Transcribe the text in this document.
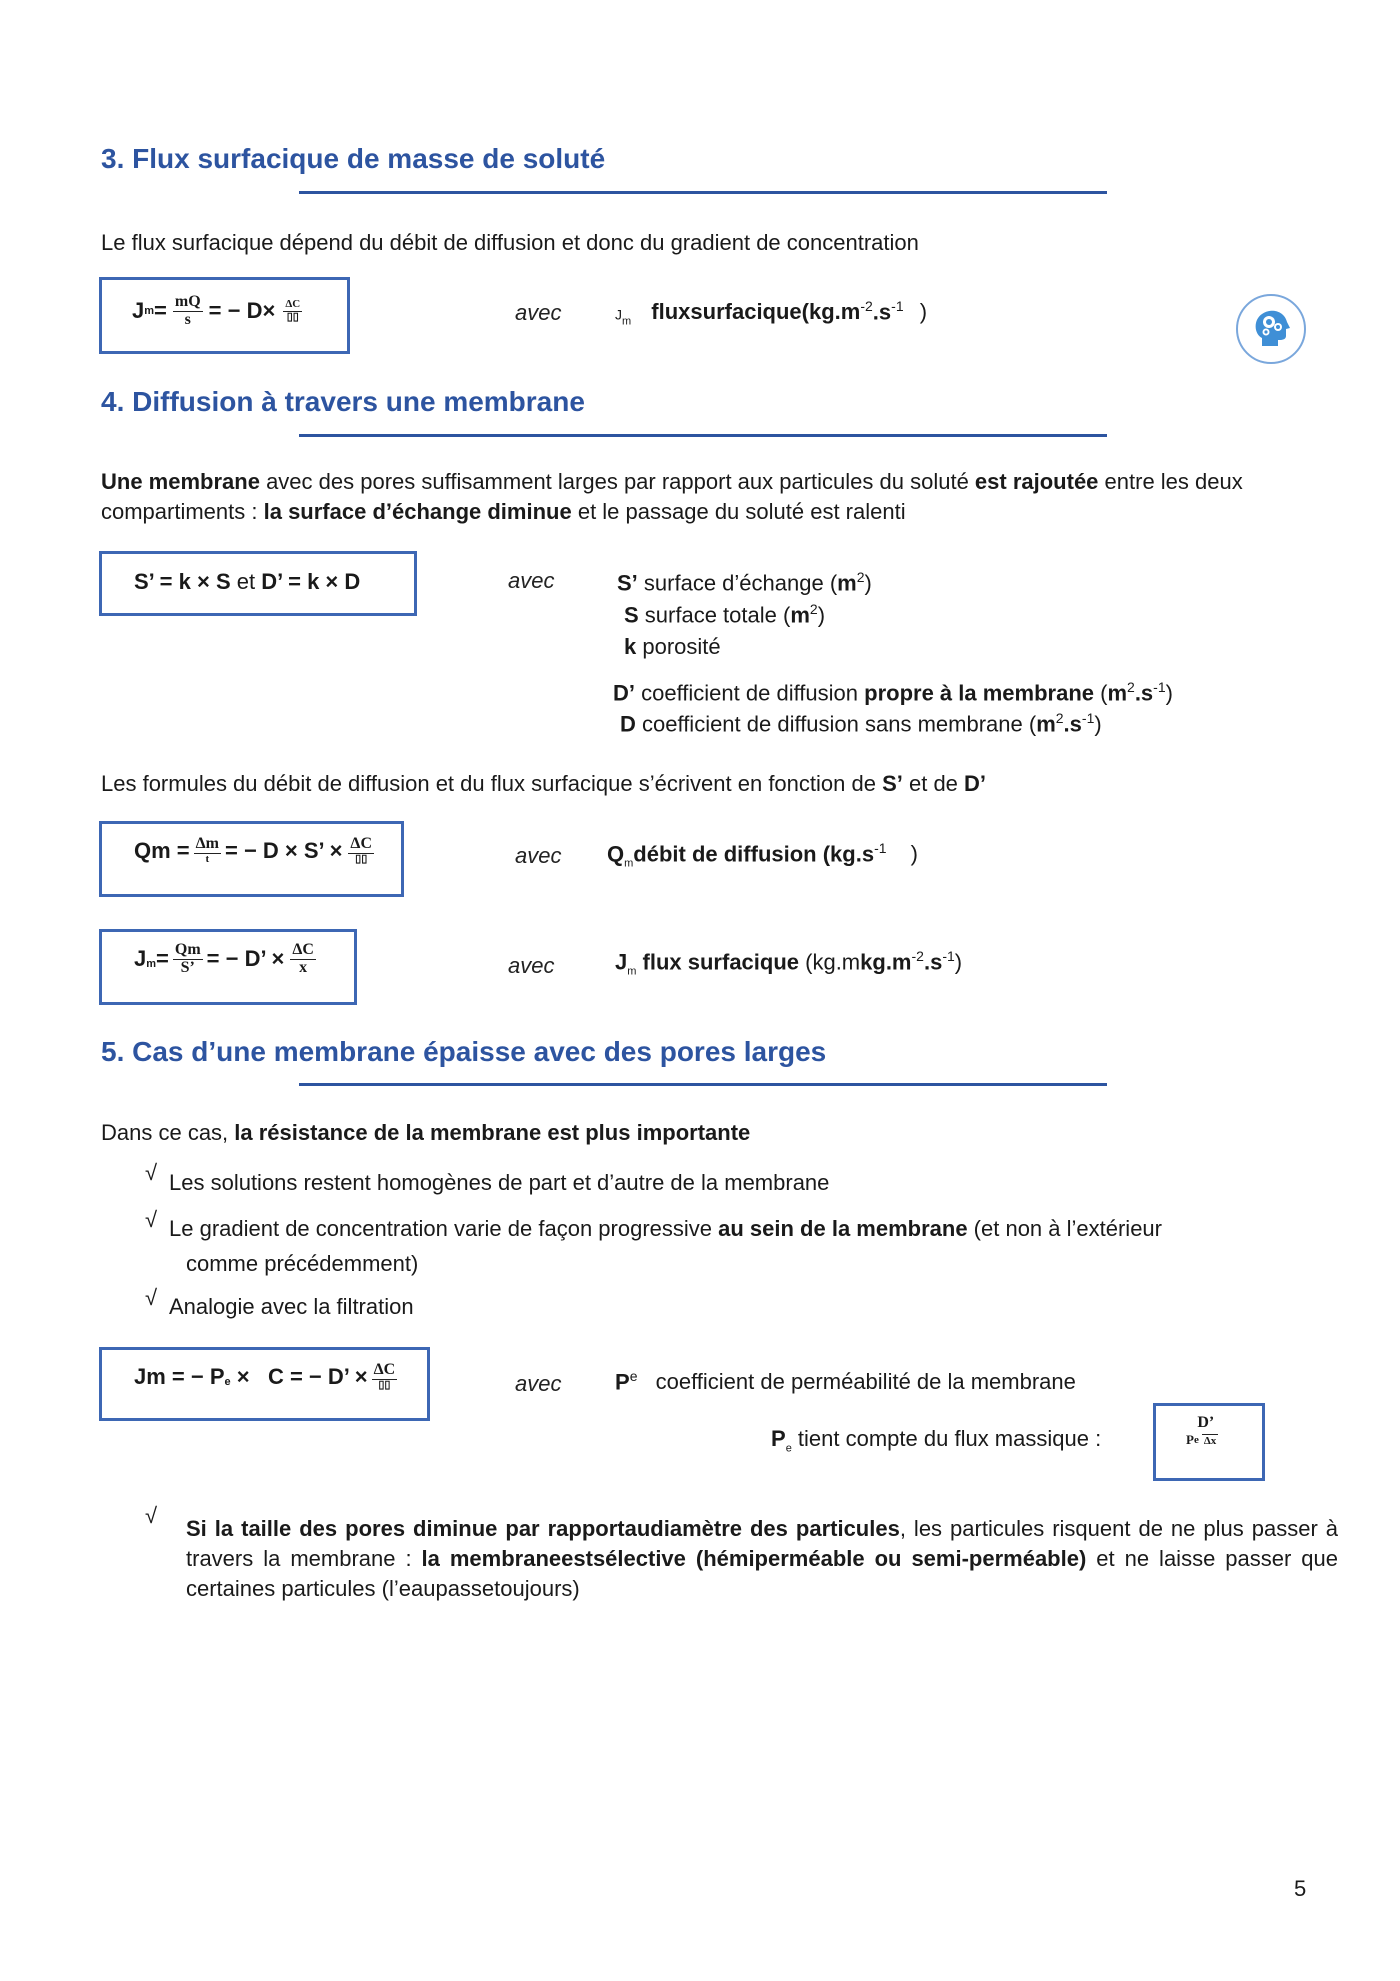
3. Flux surfacique de masse de soluté
Le flux surfacique dépend du débit de diffusion et donc du gradient de concentration
J $m = \frac{mQ}{s}$ = − $D\times \frac{\Delta C}{▯▯}$	avec	$J_m$ $fluxsurfacique(kg.m^{-2}.s^{-1}$ )
4. Diffusion à travers une membrane
Une membrane avec des pores suffisamment larges par rapport aux particules du soluté est rajoutée entre les deux compartiments : la surface d’échange diminue et le passage du soluté est ralenti
S’ = k × S et D’ = k × D	avec	S’ surface d’échange $(m^2)$
S surface totale $(m^2)$
k porosité
D’ coefficient de diffusion propre à la membrane $(m^2.s^{-1})$
D coefficient de diffusion sans membrane $(m^2.s^{-1})$
Les formules du débit de diffusion et du flux surfacique s’écrivent en fonction de S’ et de D’
$Qm = \frac{\Delta m}{t}$ = − D × S’ × $\frac{\Delta C}{▯▯}$	avec $Q_mdébit$ de diffusion ($kg.s^{-1}$ )
$J_m = \frac{Qm}{S’}$ = − D’ × $\frac{\Delta C}{x}$	avec	$J_m$ flux surfacique $(kg.mkg.m^{-2}.s^{-1})$
5. Cas d’une membrane épaisse avec des pores larges
Dans ce cas, la résistance de la membrane est plus importante
√ Les solutions restent homogènes de part et d’autre de la membrane
√ Le gradient de concentration varie de façon progressive au sein de la membrane (et non à l’extérieur
comme précédemment)
√ Analogie avec la filtration
Jm = − $P_e \times C$ = − D’ × $\frac{\Delta C}{▯▯}$	avec $P^e$ coefficient de perméabilité de la membrane
$P_e$ tient compte du flux massique :
D’
P e Δx
√
Si la taille des pores diminue par rapportaudiamètre des particules, les particules risquent de ne plus passer à travers la membrane : la membraneestsélective (hémiperméable ou semi-perméable) et ne laisse passer que certaines particules (l’eaupassetoujours)
5
